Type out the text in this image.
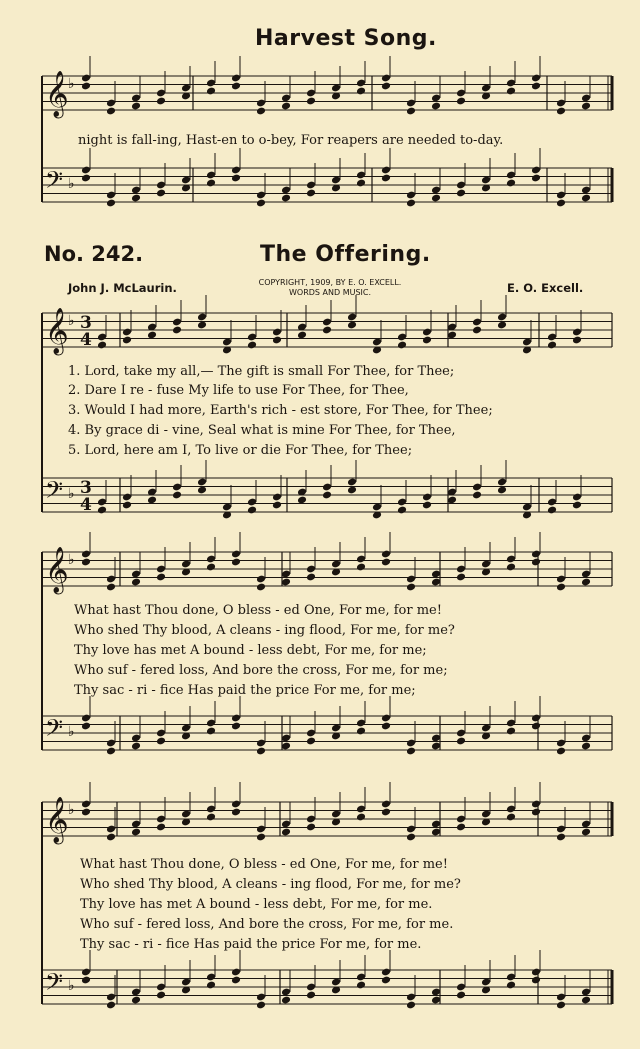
Harvest Song.
No. 242.	The Offering.
John J. McLaurin.	COPYRIGHT, 1909, BY E. O. EXCELL.
WORDS AND MUSIC.	E. O. Excell.
night is fall-ing, Hast-en to o-bey, For reapers are needed to-day.
1. Lord, take my all,— The gift is small For Thee, for Thee;
2. Dare I re - fuse My life to use For Thee, for Thee,
3. Would I had more, Earth's rich - est store, For Thee, for Thee;
4. By grace di - vine, Seal what is mine For Thee, for Thee,
5. Lord, here am I, To live or die For Thee, for Thee;
What hast Thou done, O bless - ed One, For me, for me!
Who shed Thy blood, A cleans - ing flood, For me, for me?
Thy love has met A bound - less debt, For me, for me;
Who suf - fered loss, And bore the cross, For me, for me;
Thy sac - ri - fice Has paid the price For me, for me;
What hast Thou done, O bless - ed One, For me, for me!
Who shed Thy blood, A cleans - ing flood, For me, for me?
Thy love has met A bound - less debt, For me, for me.
Who suf - fered loss, And bore the cross, For me, for me.
Thy sac - ri - fice Has paid the price For me, for me.
𝄞 ♭
𝄢 ♭
𝄞 ♭ 3
4
𝄢 ♭ 3
4
𝄞 ♭
𝄢 ♭
𝄞 ♭
𝄢 ♭
